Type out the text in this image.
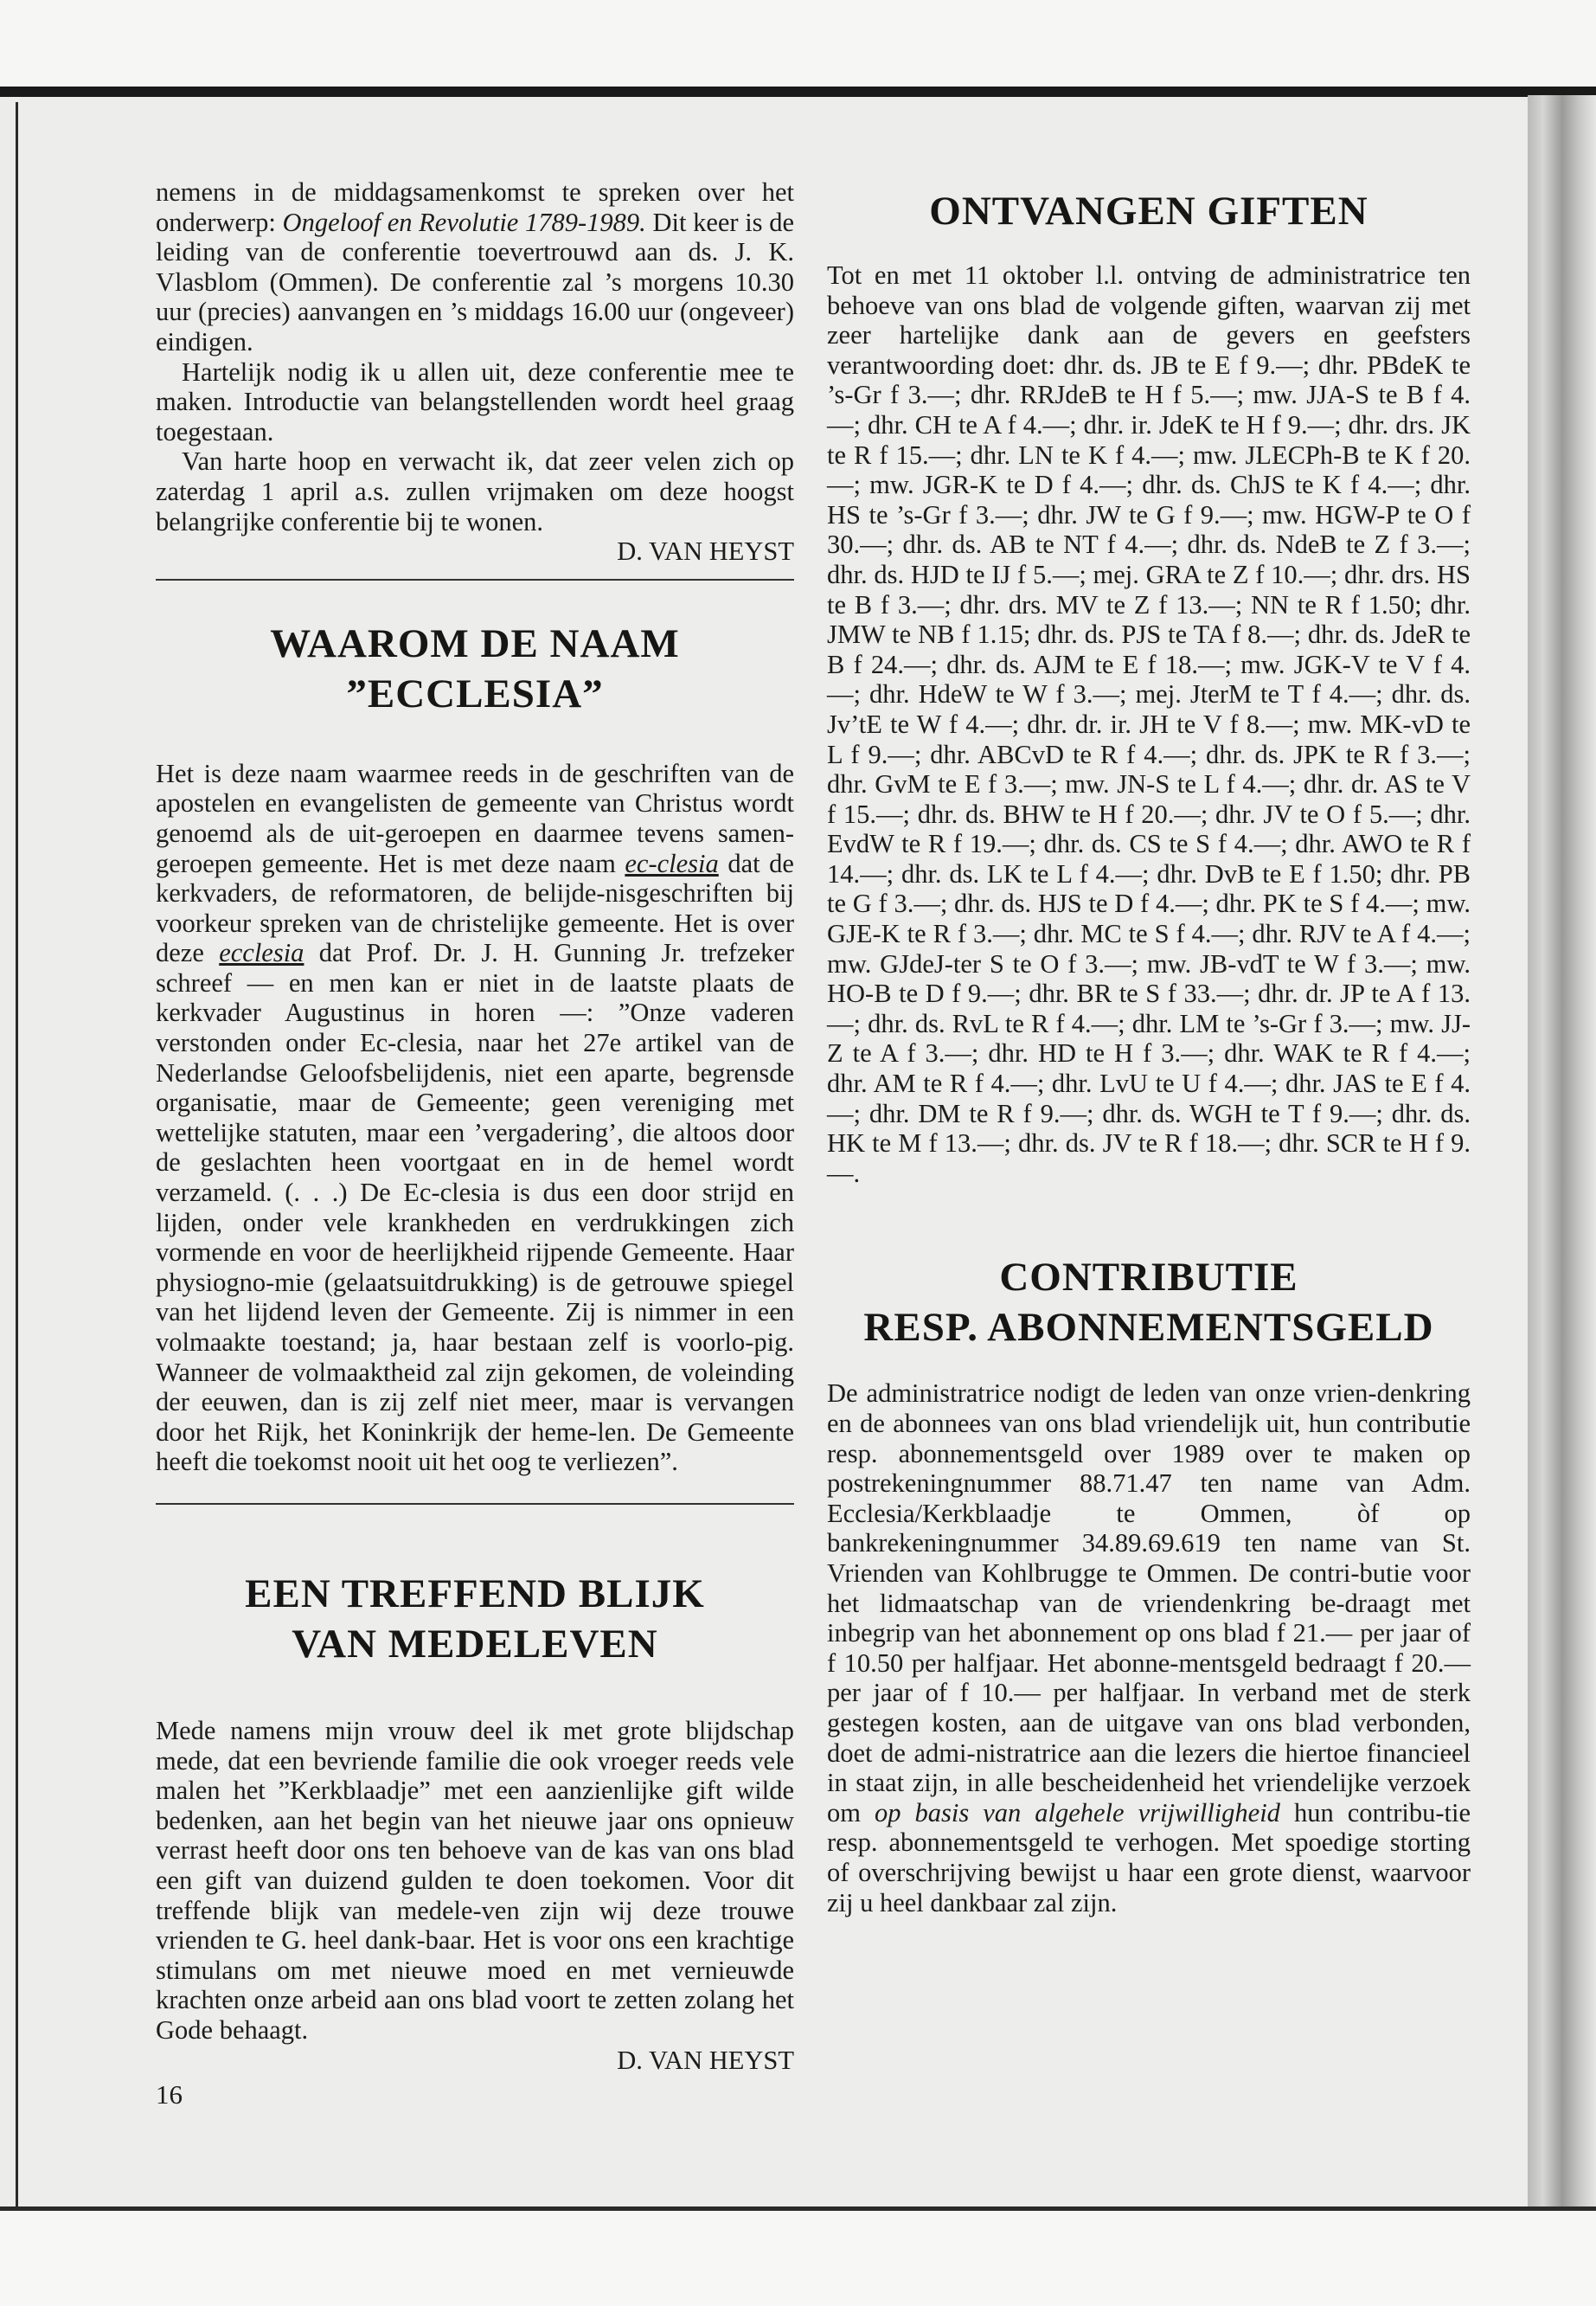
nemens in de middagsamenkomst te spreken over het onderwerp: Ongeloof en Revolutie 1789-1989. Dit keer is de leiding van de conferentie toevertrouwd aan ds. J. K. Vlasblom (Ommen). De conferentie zal ’s morgens 10.30 uur (precies) aanvangen en ’s middags 16.00 uur (ongeveer) eindigen.

Hartelijk nodig ik u allen uit, deze conferentie mee te maken. Introductie van belangstellenden wordt heel graag toegestaan.

Van harte hoop en verwacht ik, dat zeer velen zich op zaterdag 1 april a.s. zullen vrijmaken om deze hoogst belangrijke conferentie bij te wonen.

D. VAN HEYST

WAAROM DE NAAM
”ECCLESIA”

Het is deze naam waarmee reeds in de geschriften van de apostelen en evangelisten de gemeente van Christus wordt genoemd als de uit-geroepen en daarmee tevens samen-geroepen gemeente. Het is met deze naam ec-clesia dat de kerkvaders, de reformatoren, de belijde-nisgeschriften bij voorkeur spreken van de christelijke gemeente. Het is over deze ecclesia dat Prof. Dr. J. H. Gunning Jr. trefzeker schreef — en men kan er niet in de laatste plaats de kerkvader Augustinus in horen —: ”Onze vaderen verstonden onder Ec-clesia, naar het 27e artikel van de Nederlandse Geloofsbelijdenis, niet een aparte, begrensde organisatie, maar de Gemeente; geen vereniging met wettelijke statuten, maar een ’vergadering’, die altoos door de geslachten heen voortgaat en in de hemel wordt verzameld. (. . .) De Ec-clesia is dus een door strijd en lijden, onder vele krankheden en verdrukkingen zich vormende en voor de heerlijkheid rijpende Gemeente. Haar physiogno-mie (gelaatsuitdrukking) is de getrouwe spiegel van het lijdend leven der Gemeente. Zij is nimmer in een volmaakte toestand; ja, haar bestaan zelf is voorlo-pig. Wanneer de volmaaktheid zal zijn gekomen, de voleinding der eeuwen, dan is zij zelf niet meer, maar is vervangen door het Rijk, het Koninkrijk der heme-len. De Gemeente heeft die toekomst nooit uit het oog te verliezen”.

EEN TREFFEND BLIJK
VAN MEDELEVEN

Mede namens mijn vrouw deel ik met grote blijdschap mede, dat een bevriende familie die ook vroeger reeds vele malen het ”Kerkblaadje” met een aanzienlijke gift wilde bedenken, aan het begin van het nieuwe jaar ons opnieuw verrast heeft door ons ten behoeve van de kas van ons blad een gift van duizend gulden te doen toekomen. Voor dit treffende blijk van medele-ven zijn wij deze trouwe vrienden te G. heel dank-baar. Het is voor ons een krachtige stimulans om met nieuwe moed en met vernieuwde krachten onze arbeid aan ons blad voort te zetten zolang het Gode behaagt.

D. VAN HEYST

16
ONTVANGEN GIFTEN

Tot en met 11 oktober l.l. ontving de administratrice ten behoeve van ons blad de volgende giften, waarvan zij met zeer hartelijke dank aan de gevers en geefsters verantwoording doet: dhr. ds. JB te E f 9.—; dhr. PBdeK te ’s-Gr f 3.—; dhr. RRJdeB te H f 5.—; mw. JJA-S te B f 4.—; dhr. CH te A f 4.—; dhr. ir. JdeK te H f 9.—; dhr. drs. JK te R f 15.—; dhr. LN te K f 4.—; mw. JLECPh-B te K f 20.—; mw. JGR-K te D f 4.—; dhr. ds. ChJS te K f 4.—; dhr. HS te ’s-Gr f 3.—; dhr. JW te G f 9.—; mw. HGW-P te O f 30.—; dhr. ds. AB te NT f 4.—; dhr. ds. NdeB te Z f 3.—; dhr. ds. HJD te IJ f 5.—; mej. GRA te Z f 10.—; dhr. drs. HS te B f 3.—; dhr. drs. MV te Z f 13.—; NN te R f 1.50; dhr. JMW te NB f 1.15; dhr. ds. PJS te TA f 8.—; dhr. ds. JdeR te B f 24.—; dhr. ds. AJM te E f 18.—; mw. JGK-V te V f 4.—; dhr. HdeW te W f 3.—; mej. JterM te T f 4.—; dhr. ds. Jv’tE te W f 4.—; dhr. dr. ir. JH te V f 8.—; mw. MK-vD te L f 9.—; dhr. ABCvD te R f 4.—; dhr. ds. JPK te R f 3.—; dhr. GvM te E f 3.—; mw. JN-S te L f 4.—; dhr. dr. AS te V f 15.—; dhr. ds. BHW te H f 20.—; dhr. JV te O f 5.—; dhr. EvdW te R f 19.—; dhr. ds. CS te S f 4.—; dhr. AWO te R f 14.—; dhr. ds. LK te L f 4.—; dhr. DvB te E f 1.50; dhr. PB te G f 3.—; dhr. ds. HJS te D f 4.—; dhr. PK te S f 4.—; mw. GJE-K te R f 3.—; dhr. MC te S f 4.—; dhr. RJV te A f 4.—; mw. GJdeJ-ter S te O f 3.—; mw. JB-vdT te W f 3.—; mw. HO-B te D f 9.—; dhr. BR te S f 33.—; dhr. dr. JP te A f 13.—; dhr. ds. RvL te R f 4.—; dhr. LM te ’s-Gr f 3.—; mw. JJ-Z te A f 3.—; dhr. HD te H f 3.—; dhr. WAK te R f 4.—; dhr. AM te R f 4.—; dhr. LvU te U f 4.—; dhr. JAS te E f 4.—; dhr. DM te R f 9.—; dhr. ds. WGH te T f 9.—; dhr. ds. HK te M f 13.—; dhr. ds. JV te R f 18.—; dhr. SCR te H f 9.—.

CONTRIBUTIE
RESP. ABONNEMENTSGELD

De administratrice nodigt de leden van onze vrien-denkring en de abonnees van ons blad vriendelijk uit, hun contributie resp. abonnementsgeld over 1989 over te maken op postrekeningnummer 88.71.47 ten name van Adm. Ecclesia/Kerkblaadje te Ommen, òf op bankrekeningnummer 34.89.69.619 ten name van St. Vrienden van Kohlbrugge te Ommen. De contri-butie voor het lidmaatschap van de vriendenkring be-draagt met inbegrip van het abonnement op ons blad f 21.— per jaar of f 10.50 per halfjaar. Het abonne-mentsgeld bedraagt f 20.— per jaar of f 10.— per halfjaar. In verband met de sterk gestegen kosten, aan de uitgave van ons blad verbonden, doet de admi-nistratrice aan die lezers die hiertoe financieel in staat zijn, in alle bescheidenheid het vriendelijke verzoek om op basis van algehele vrijwilligheid hun contribu-tie resp. abonnementsgeld te verhogen. Met spoedige storting of overschrijving bewijst u haar een grote dienst, waarvoor zij u heel dankbaar zal zijn.
